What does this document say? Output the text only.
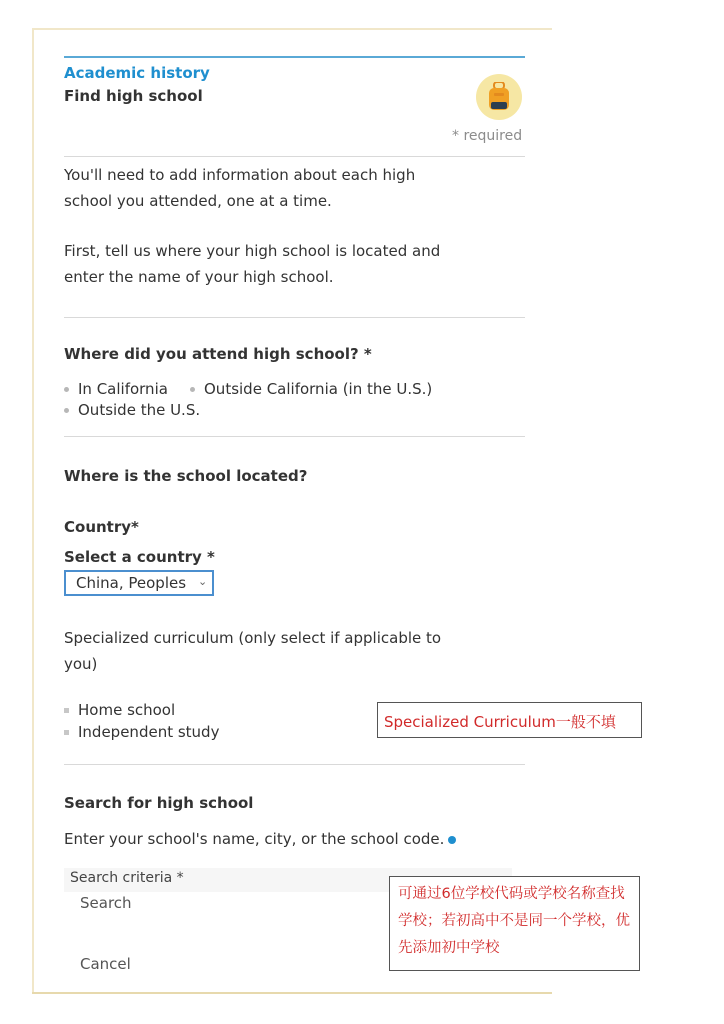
Academic history
Find high school
* required
You'll need to add information about each high school you attended, one at a time.
First, tell us where your high school is located and enter the name of your high school.
Where did you attend high school? *
In California Outside California (in the U.S.)
Outside the U.S.
Where is the school located?
Country*
Select a country *
China, Peoples ⌄
Specialized curriculum (only select if applicable to you)
Home school
Independent study
Search for high school
Enter your school's name, city, or the school code.
Search criteria *
Search
Cancel
Specialized Curriculum一般不填
可通过6位学校代码或学校名称查找学校；若初高中不是同一个学校，优先添加初中学校
